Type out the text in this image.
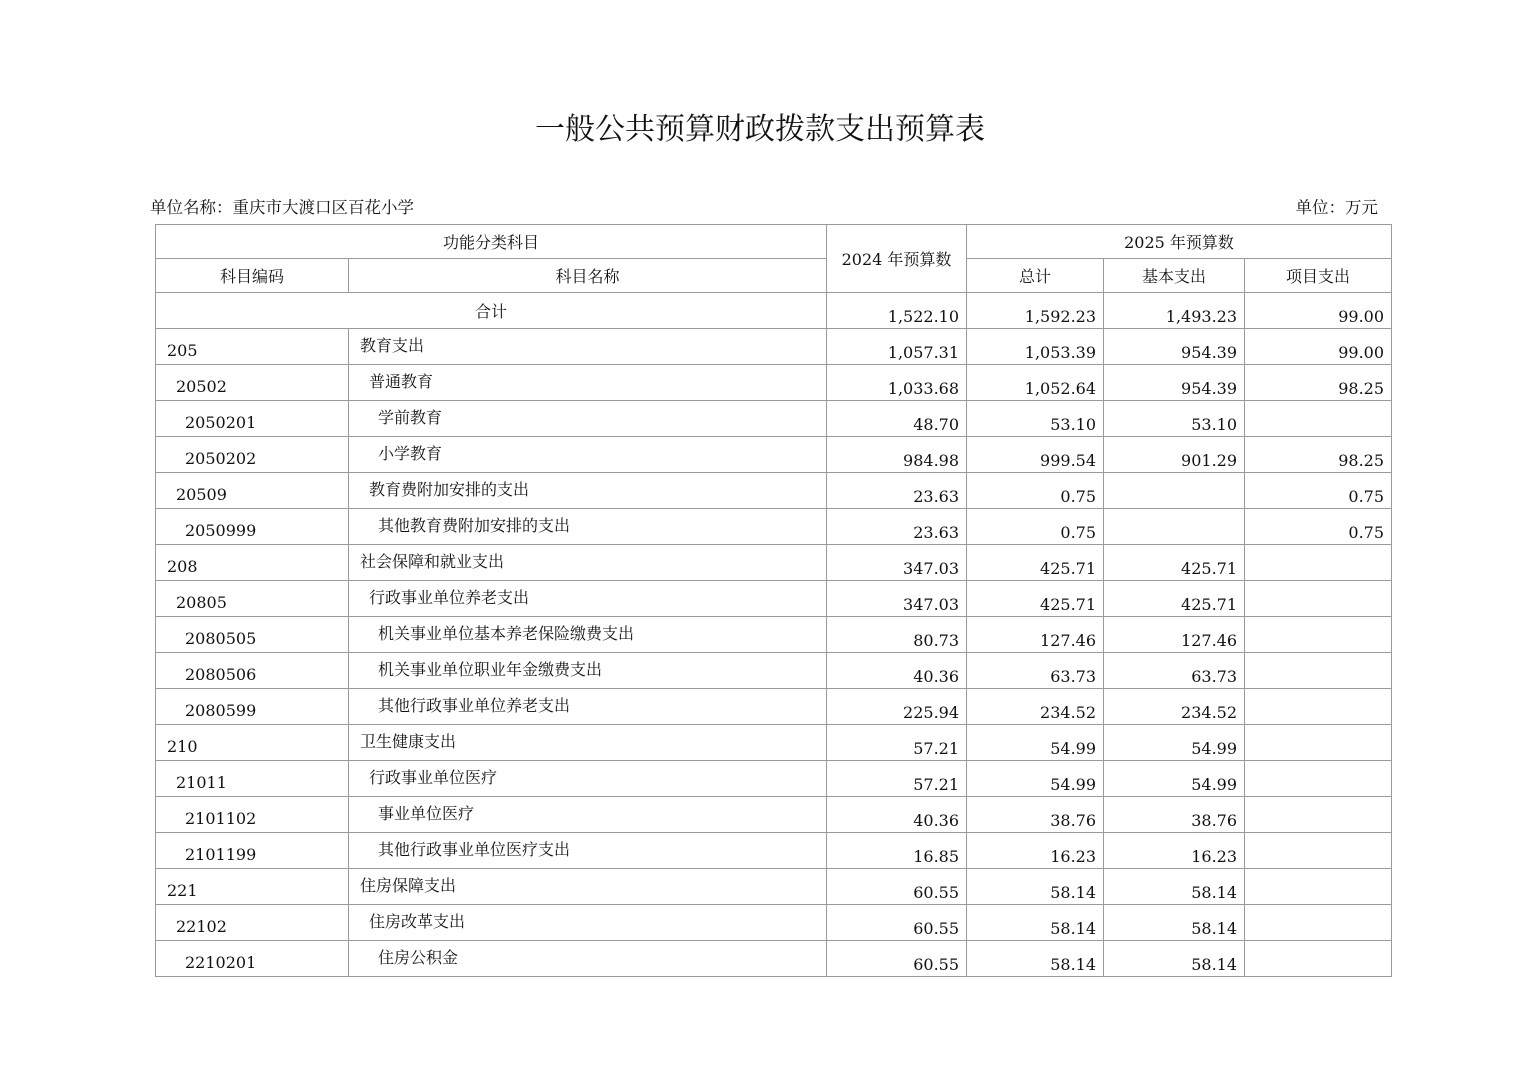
一般公共预算财政拨款支出预算表
单位名称：重庆市大渡口区百花小学	单位：万元
功能分类科目		2024 年预算数	2025 年预算数		
科目编码	科目名称		总计	基本支出	项目支出
合计		1,522.10	1,592.23	1,493.23	99.00
205	教育支出	1,057.31	1,053.39	954.39	99.00
20502	普通教育	1,033.68	1,052.64	954.39	98.25
2050201	学前教育	48.70	53.10	53.10	
2050202	小学教育	984.98	999.54	901.29	98.25
20509	教育费附加安排的支出	23.63	0.75		0.75
2050999	其他教育费附加安排的支出	23.63	0.75		0.75
208	社会保障和就业支出	347.03	425.71	425.71	
20805	行政事业单位养老支出	347.03	425.71	425.71	
2080505	机关事业单位基本养老保险缴费支出	80.73	127.46	127.46	
2080506	机关事业单位职业年金缴费支出	40.36	63.73	63.73	
2080599	其他行政事业单位养老支出	225.94	234.52	234.52	
210	卫生健康支出	57.21	54.99	54.99	
21011	行政事业单位医疗	57.21	54.99	54.99	
2101102	事业单位医疗	40.36	38.76	38.76	
2101199	其他行政事业单位医疗支出	16.85	16.23	16.23	
221	住房保障支出	60.55	58.14	58.14	
22102	住房改革支出	60.55	58.14	58.14	
2210201	住房公积金	60.55	58.14	58.14	
